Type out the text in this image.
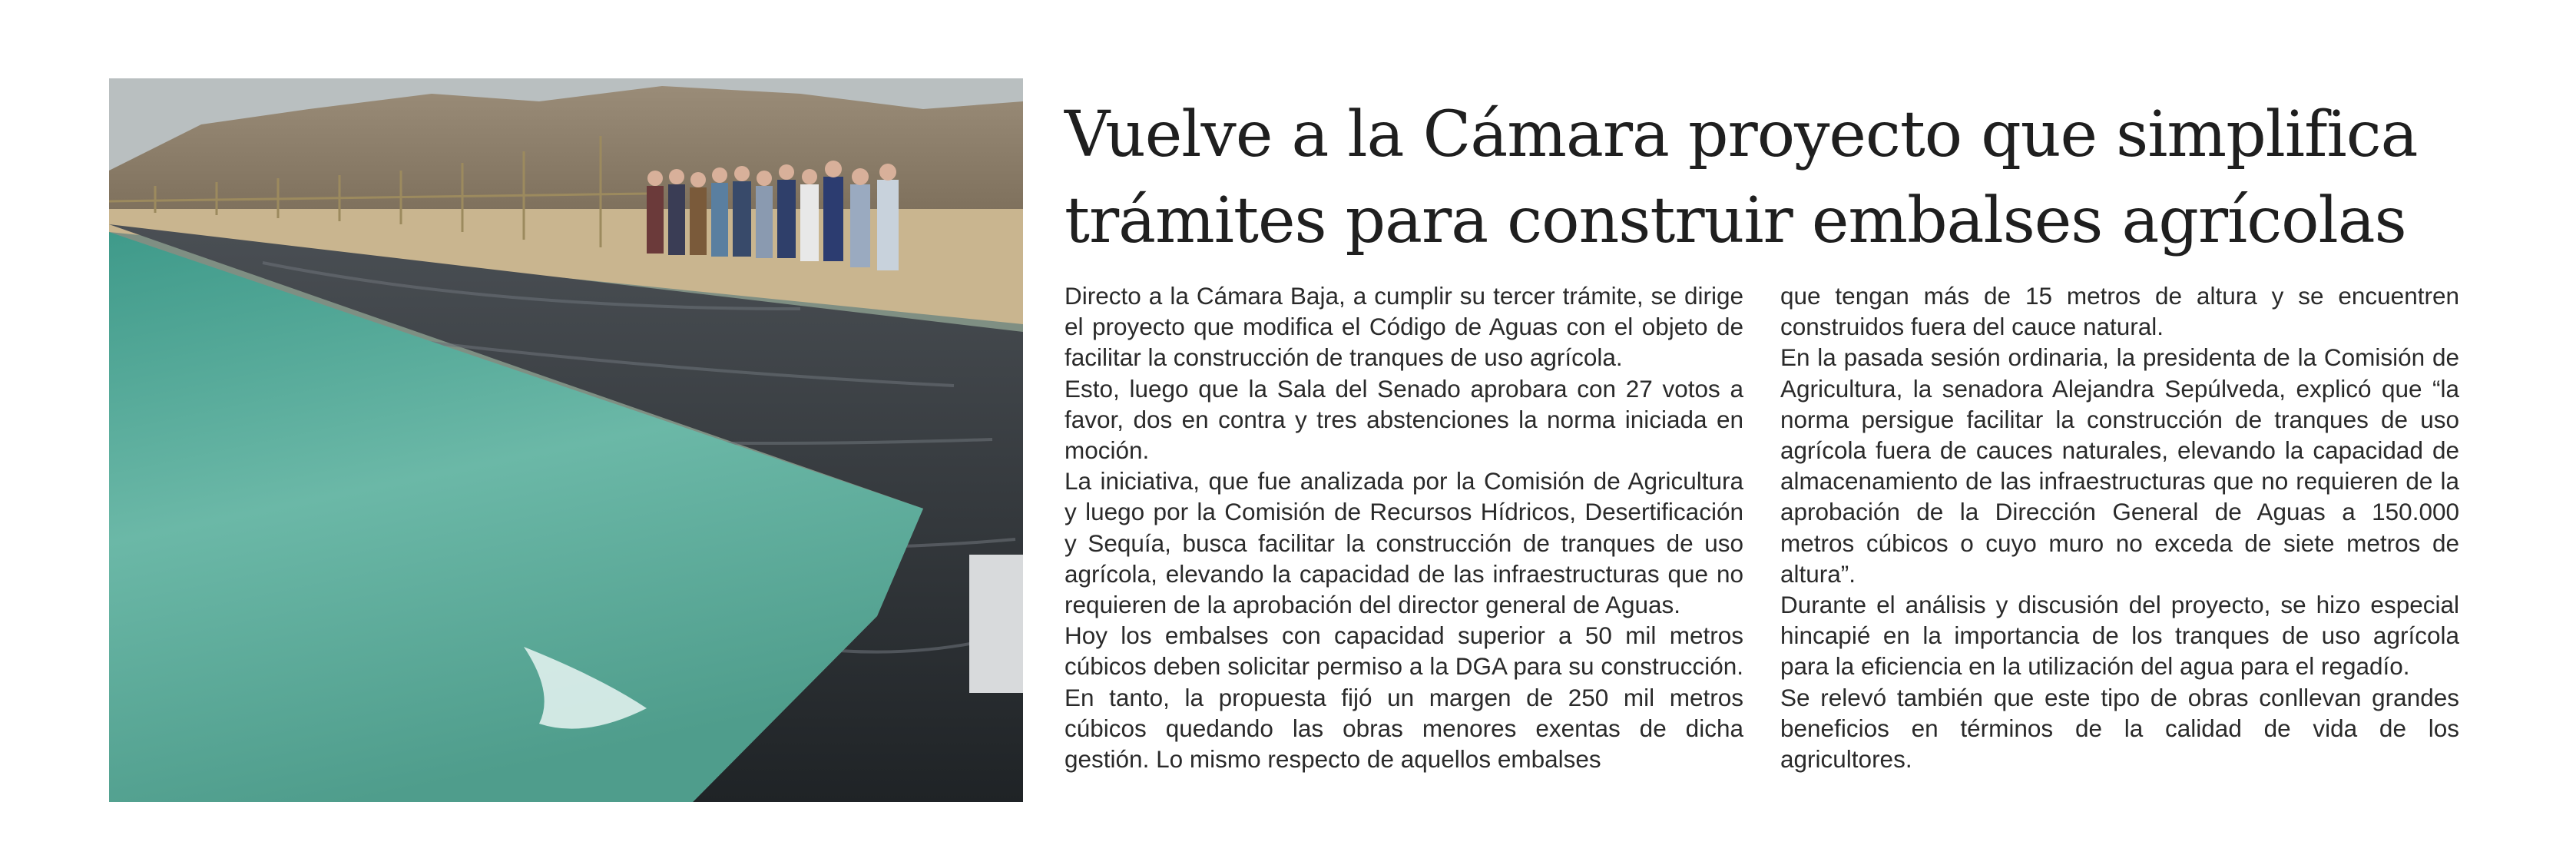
Vuelve a la Cámara proyecto que simplifica
trámites para construir embalses agrícolas

Directo a la Cámara Baja, a cumplir su tercer trámite, se dirige el proyecto que modifica el Código de Aguas con el objeto de facilitar la construcción de tranques de uso agrícola.

Esto, luego que la Sala del Senado aprobara con 27 votos a favor, dos en contra y tres abstenciones la norma iniciada en moción.

La iniciativa, que fue analizada por la Comisión de Agricultura y luego por la Comisión de Recursos Hídricos, Desertificación y Sequía, busca facilitar la construcción de tranques de uso agrícola, elevando la capacidad de las infraestructuras que no requieren de la aprobación del director general de Aguas.

Hoy los embalses con capacidad superior a 50 mil metros cúbicos deben solicitar permiso a la DGA para su construcción. En tanto, la propuesta fijó un margen de 250 mil metros cúbicos quedando las obras menores exentas de dicha gestión. Lo mismo respecto de aquellos embalses

que tengan más de 15 metros de altura y se encuentren construidos fuera del cauce natural.

En la pasada sesión ordinaria, la presidenta de la Comisión de Agricultura, la senadora Alejandra Sepúlveda, explicó que “la norma persigue facilitar la construcción de tranques de uso agrícola fuera de cauces naturales, elevando la capacidad de almacenamiento de las infraestructuras que no requieren de la aprobación de la Dirección General de Aguas a 150.000 metros cúbicos o cuyo muro no exceda de siete metros de altura”.

Durante el análisis y discusión del proyecto, se hizo especial hincapié en la importancia de los tranques de uso agrícola para la eficiencia en la utilización del agua para el regadío.

Se relevó también que este tipo de obras conllevan grandes beneficios en términos de la calidad de vida de los agricultores.
